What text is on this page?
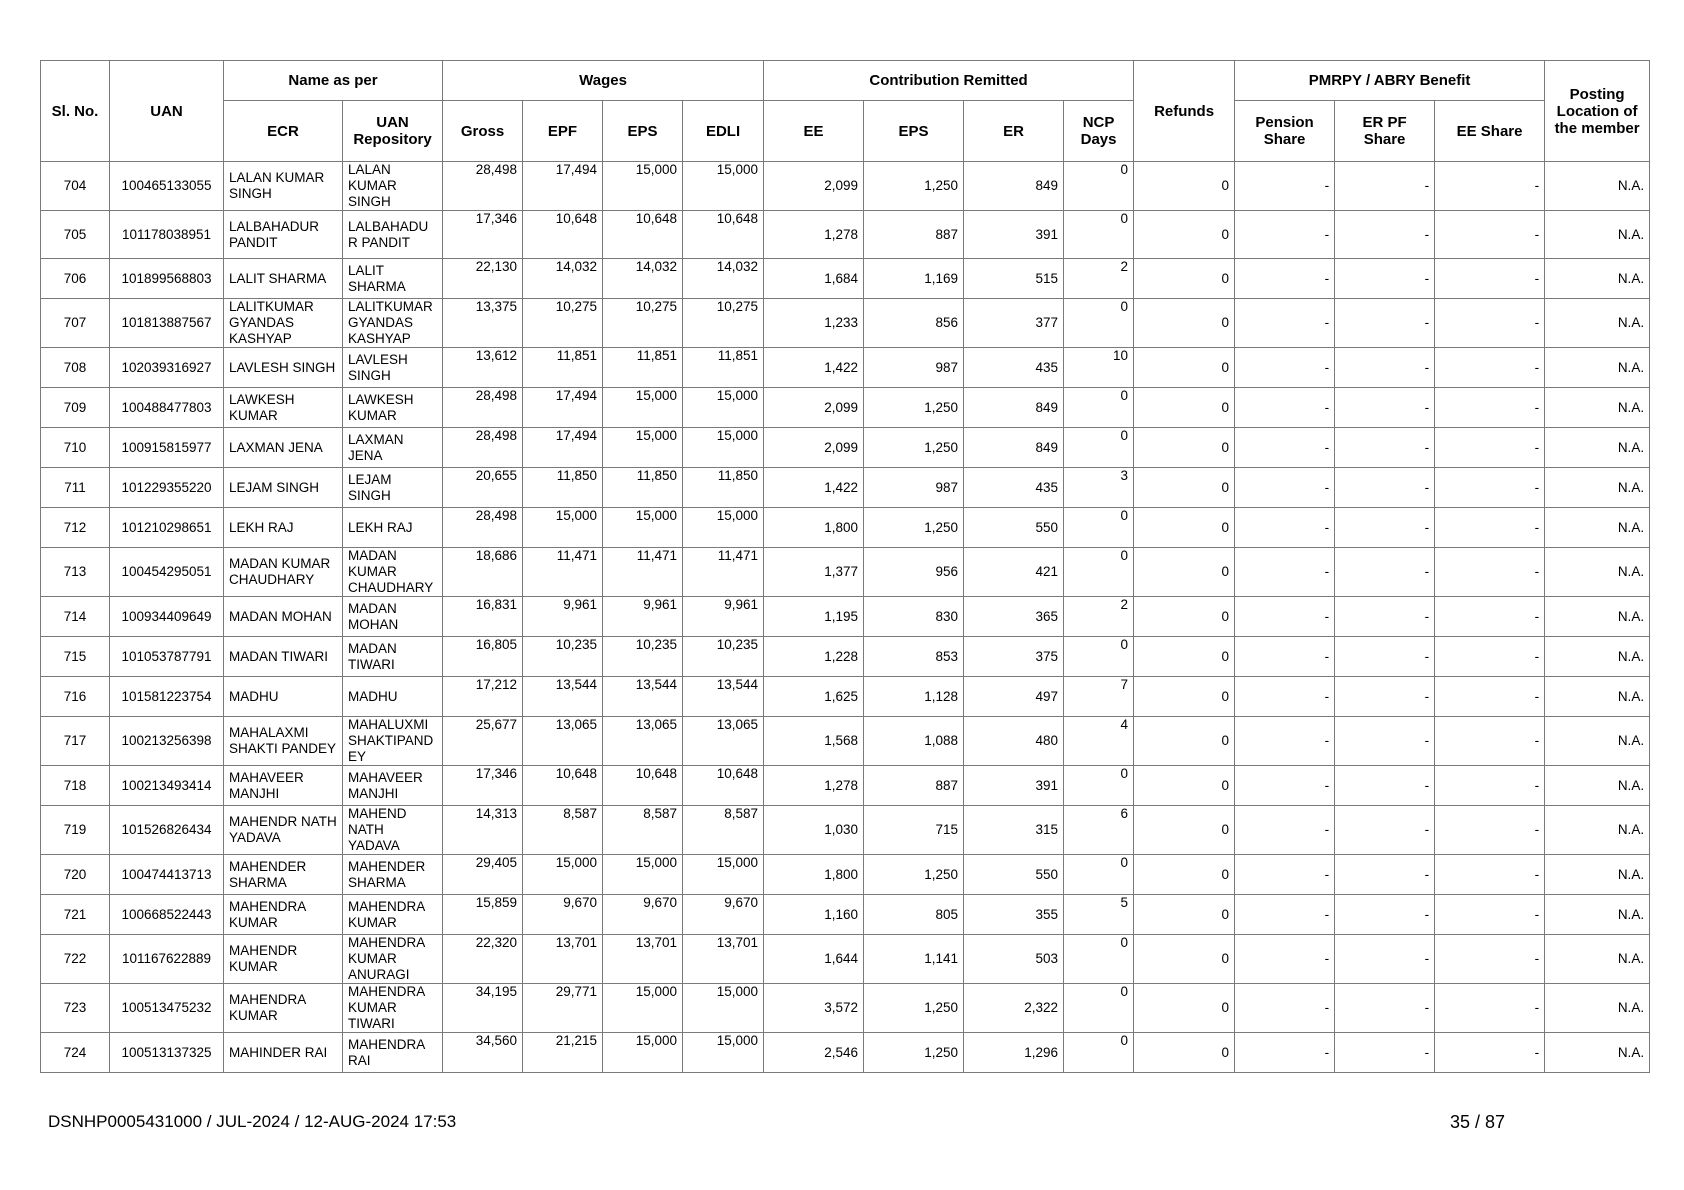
Sl. No.	UAN	Name as per		Wages				Contribution Remitted				Refunds	PMRPY / ABRY Benefit			Posting Location of the member
		ECR	UAN Repository	Gross	EPF	EPS	EDLI	EE	EPS	ER	NCP Days		Pension Share	ER PF Share	EE Share	
704	100465133055	LALAN KUMAR SINGH	LALAN KUMAR SINGH	28,498	17,494	15,000	15,000	2,099	1,250	849	0	0	-	-	-	N.A.
705	101178038951	LALBAHADUR PANDIT	LALBAHADU R PANDIT	17,346	10,648	10,648	10,648	1,278	887	391	0	0	-	-	-	N.A.
706	101899568803	LALIT SHARMA	LALIT SHARMA	22,130	14,032	14,032	14,032	1,684	1,169	515	2	0	-	-	-	N.A.
707	101813887567	LALITKUMAR GYANDAS KASHYAP	LALITKUMAR GYANDAS KASHYAP	13,375	10,275	10,275	10,275	1,233	856	377	0	0	-	-	-	N.A.
708	102039316927	LAVLESH SINGH	LAVLESH SINGH	13,612	11,851	11,851	11,851	1,422	987	435	10	0	-	-	-	N.A.
709	100488477803	LAWKESH KUMAR	LAWKESH KUMAR	28,498	17,494	15,000	15,000	2,099	1,250	849	0	0	-	-	-	N.A.
710	100915815977	LAXMAN JENA	LAXMAN JENA	28,498	17,494	15,000	15,000	2,099	1,250	849	0	0	-	-	-	N.A.
711	101229355220	LEJAM SINGH	LEJAM SINGH	20,655	11,850	11,850	11,850	1,422	987	435	3	0	-	-	-	N.A.
712	101210298651	LEKH RAJ	LEKH RAJ	28,498	15,000	15,000	15,000	1,800	1,250	550	0	0	-	-	-	N.A.
713	100454295051	MADAN KUMAR CHAUDHARY	MADAN KUMAR CHAUDHARY	18,686	11,471	11,471	11,471	1,377	956	421	0	0	-	-	-	N.A.
714	100934409649	MADAN MOHAN	MADAN MOHAN	16,831	9,961	9,961	9,961	1,195	830	365	2	0	-	-	-	N.A.
715	101053787791	MADAN TIWARI	MADAN TIWARI	16,805	10,235	10,235	10,235	1,228	853	375	0	0	-	-	-	N.A.
716	101581223754	MADHU	MADHU	17,212	13,544	13,544	13,544	1,625	1,128	497	7	0	-	-	-	N.A.
717	100213256398	MAHALAXMI SHAKTI PANDEY	MAHALUXMI SHAKTIPAND EY	25,677	13,065	13,065	13,065	1,568	1,088	480	4	0	-	-	-	N.A.
718	100213493414	MAHAVEER MANJHI	MAHAVEER MANJHI	17,346	10,648	10,648	10,648	1,278	887	391	0	0	-	-	-	N.A.
719	101526826434	MAHENDR NATH YADAVA	MAHEND NATH YADAVA	14,313	8,587	8,587	8,587	1,030	715	315	6	0	-	-	-	N.A.
720	100474413713	MAHENDER SHARMA	MAHENDER SHARMA	29,405	15,000	15,000	15,000	1,800	1,250	550	0	0	-	-	-	N.A.
721	100668522443	MAHENDRA KUMAR	MAHENDRA KUMAR	15,859	9,670	9,670	9,670	1,160	805	355	5	0	-	-	-	N.A.
722	101167622889	MAHENDR KUMAR	MAHENDRA KUMAR ANURAGI	22,320	13,701	13,701	13,701	1,644	1,141	503	0	0	-	-	-	N.A.
723	100513475232	MAHENDRA KUMAR	MAHENDRA KUMAR TIWARI	34,195	29,771	15,000	15,000	3,572	1,250	2,322	0	0	-	-	-	N.A.
724	100513137325	MAHINDER RAI	MAHENDRA RAI	34,560	21,215	15,000	15,000	2,546	1,250	1,296	0	0	-	-	-	N.A.
DSNHP0005431000 / JUL-2024 / 12-AUG-2024 17:53	35 / 87
